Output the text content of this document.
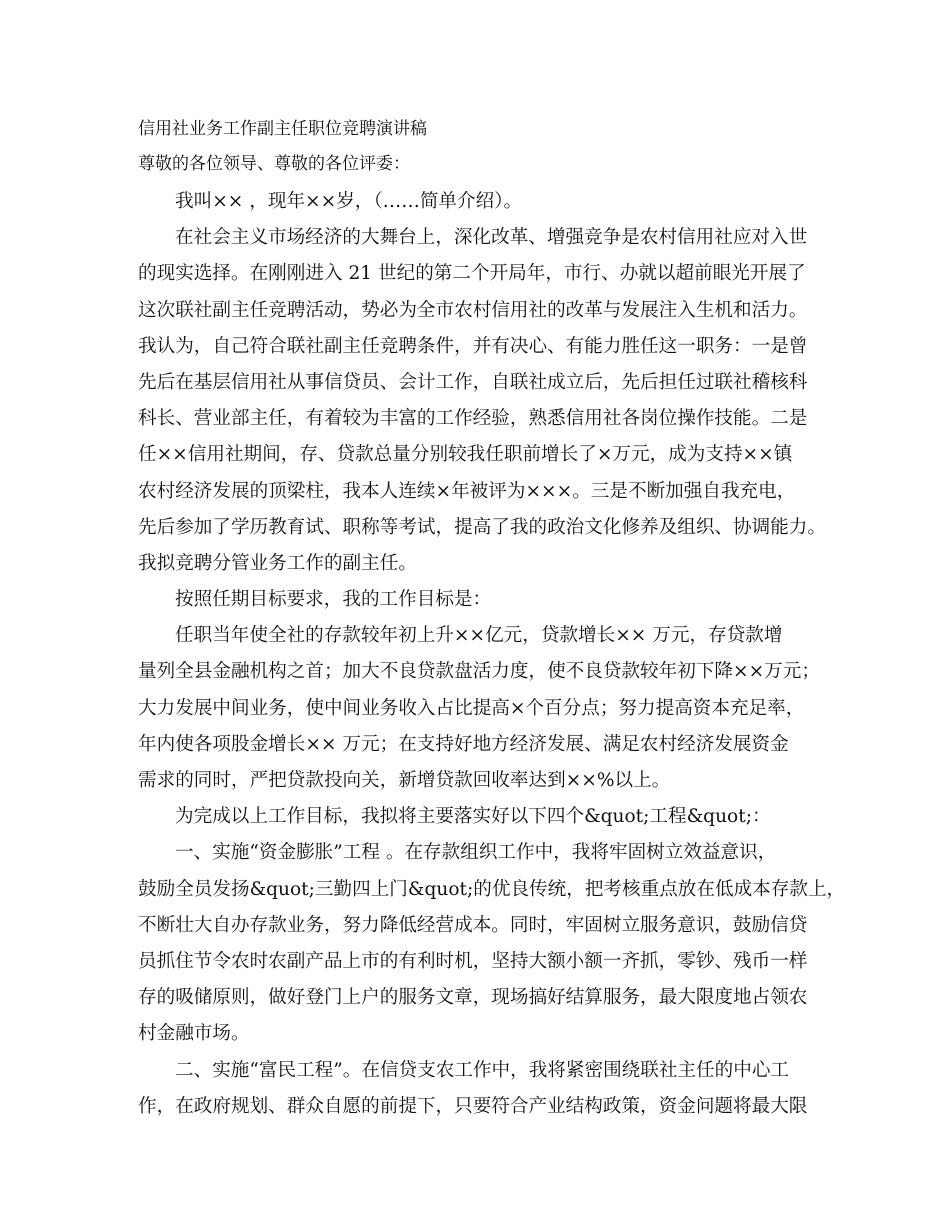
信用社业务工作副主任职位竞聘演讲稿
尊敬的各位领导、尊敬的各位评委：
我叫×× ，现年××岁，（……简单介绍）。
在社会主义市场经济的大舞台上，深化改革、增强竞争是农村信用社应对入世
的现实选择。在刚刚进入 21 世纪的第二个开局年，市行、办就以超前眼光开展了
这次联社副主任竞聘活动，势必为全市农村信用社的改革与发展注入生机和活力。
我认为，自己符合联社副主任竞聘条件，并有决心、有能力胜任这一职务：一是曾
先后在基层信用社从事信贷员、会计工作，自联社成立后，先后担任过联社稽核科
科长、营业部主任，有着较为丰富的工作经验，熟悉信用社各岗位操作技能。二是
任××信用社期间，存、贷款总量分别较我任职前增长了×万元，成为支持××镇
农村经济发展的顶梁柱，我本人连续×年被评为×××。三是不断加强自我充电，
先后参加了学历教育试、职称等考试，提高了我的政治文化修养及组织、协调能力。
我拟竞聘分管业务工作的副主任。
按照任期目标要求，我的工作目标是：
任职当年使全社的存款较年初上升××亿元，贷款增长×× 万元，存贷款增
量列全县金融机构之首；加大不良贷款盘活力度，使不良贷款较年初下降××万元；
大力发展中间业务，使中间业务收入占比提高×个百分点；努力提高资本充足率，
年内使各项股金增长×× 万元；在支持好地方经济发展、满足农村经济发展资金
需求的同时，严把贷款投向关，新增贷款回收率达到××%以上。
为完成以上工作目标，我拟将主要落实好以下四个&quot;工程&quot;：
一、实施“资金膨胀”工程 。在存款组织工作中，我将牢固树立效益意识，
鼓励全员发扬&quot;三勤四上门&quot;的优良传统，把考核重点放在低成本存款上，
不断壮大自办存款业务，努力降低经营成本。同时，牢固树立服务意识，鼓励信贷
员抓住节令农时农副产品上市的有利时机，坚持大额小额一齐抓，零钞、残币一样
存的吸储原则，做好登门上户的服务文章，现场搞好结算服务，最大限度地占领农
村金融市场。
二、实施“富民工程”。在信贷支农工作中，我将紧密围绕联社主任的中心工
作，在政府规划、群众自愿的前提下，只要符合产业结构政策，资金问题将最大限
